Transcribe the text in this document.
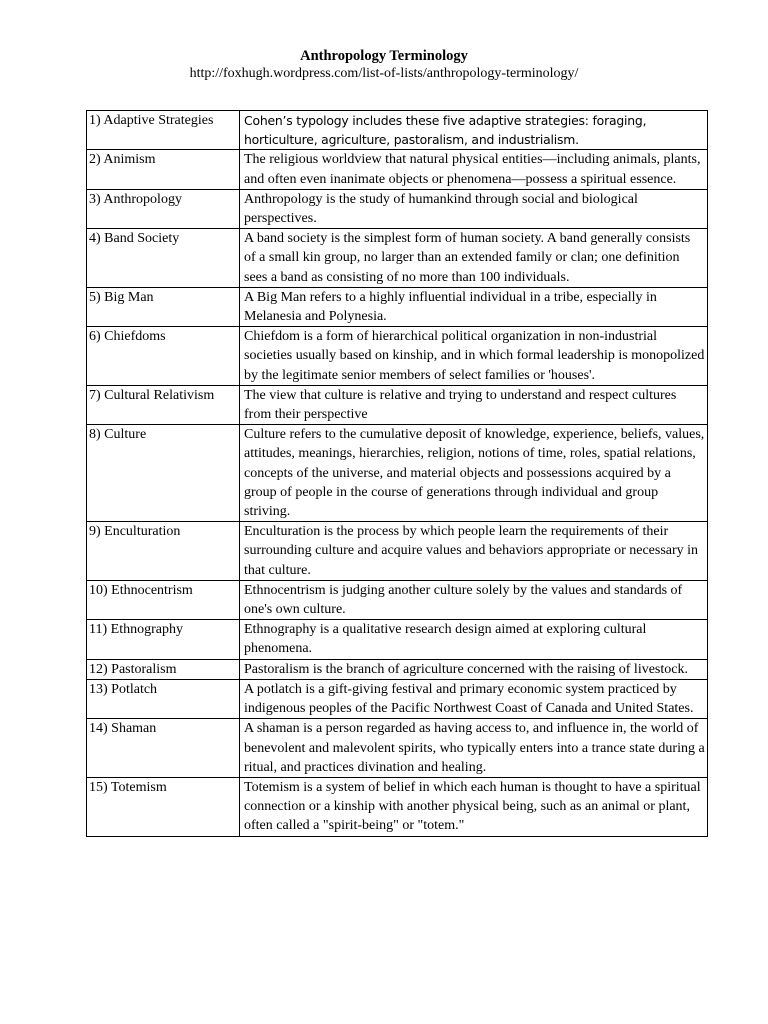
Anthropology Terminology
http://foxhugh.wordpress.com/list-of-lists/anthropology-terminology/
1) Adaptive Strategies	Cohen’s typology includes these five adaptive strategies: foraging, horticulture, agriculture, pastoralism, and industrialism.
2) Animism	The religious worldview that natural physical entities—including animals, plants, and often even inanimate objects or phenomena—possess a spiritual essence.
3) Anthropology	Anthropology is the study of humankind through social and biological perspectives.
4) Band Society	A band society is the simplest form of human society. A band generally consists of a small kin group, no larger than an extended family or clan; one definition sees a band as consisting of no more than 100 individuals.
5) Big Man	A Big Man refers to a highly influential individual in a tribe, especially in Melanesia and Polynesia.
6) Chiefdoms	Chiefdom is a form of hierarchical political organization in non-industrial societies usually based on kinship, and in which formal leadership is monopolized by the legitimate senior members of select families or 'houses'.
7) Cultural Relativism	The view that culture is relative and trying to understand and respect cultures from their perspective
8) Culture	Culture refers to the cumulative deposit of knowledge, experience, beliefs, values, attitudes, meanings, hierarchies, religion, notions of time, roles, spatial relations, concepts of the universe, and material objects and possessions acquired by a group of people in the course of generations through individual and group striving.
9) Enculturation	Enculturation is the process by which people learn the requirements of their surrounding culture and acquire values and behaviors appropriate or necessary in that culture.
10) Ethnocentrism	Ethnocentrism is judging another culture solely by the values and standards of one's own culture.
11) Ethnography	Ethnography is a qualitative research design aimed at exploring cultural phenomena.
12) Pastoralism	Pastoralism is the branch of agriculture concerned with the raising of livestock.
13) Potlatch	A potlatch is a gift-giving festival and primary economic system practiced by indigenous peoples of the Pacific Northwest Coast of Canada and United States.
14) Shaman	A shaman is a person regarded as having access to, and influence in, the world of benevolent and malevolent spirits, who typically enters into a trance state during a ritual, and practices divination and healing.
15) Totemism	Totemism is a system of belief in which each human is thought to have a spiritual connection or a kinship with another physical being, such as an animal or plant, often called a "spirit-being" or "totem."
